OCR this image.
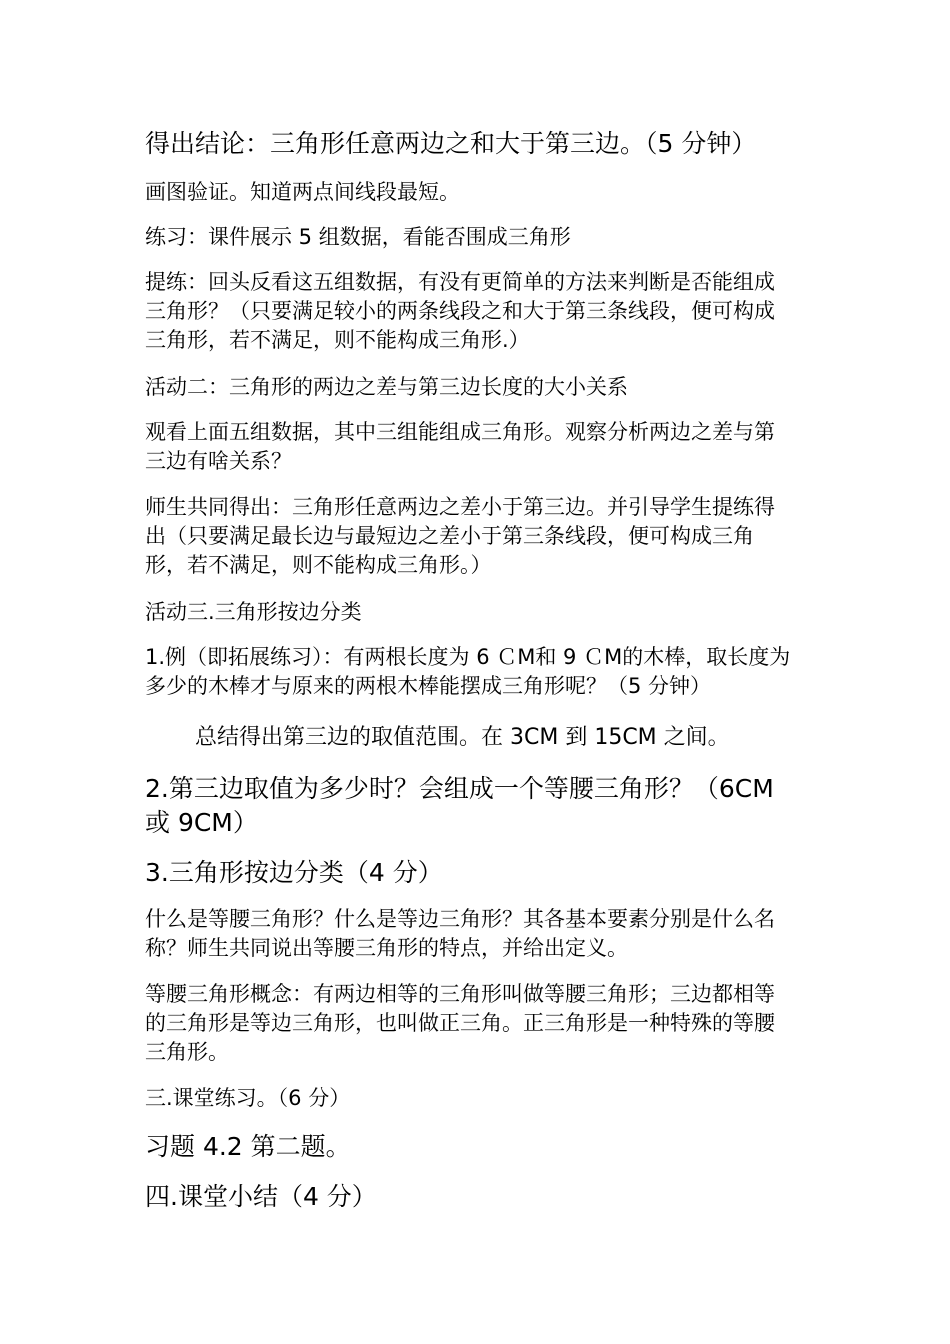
得出结论：三角形任意两边之和大于第三边。（5 分钟）

画图验证。知道两点间线段最短。

练习：课件展示 5 组数据，看能否围成三角形

提练：回头反看这五组数据，有没有更简单的方法来判断是否能组成三角形？（只要满足较小的两条线段之和大于第三条线段，便可构成三角形，若不满足，则不能构成三角形.）

活动二：三角形的两边之差与第三边长度的大小关系

观看上面五组数据，其中三组能组成三角形。观察分析两边之差与第三边有啥关系？

师生共同得出：三角形任意两边之差小于第三边。并引导学生提练得出（只要满足最长边与最短边之差小于第三条线段，便可构成三角形，若不满足，则不能构成三角形。）

活动三.三角形按边分类

1.例（即拓展练习）：有两根长度为 6 ＣM和 9 ＣM的木棒，取长度为多少的木棒才与原来的两根木棒能摆成三角形呢？（5 分钟）

总结得出第三边的取值范围。在 3CM 到 15CM 之间。

2.第三边取值为多少时？会组成一个等腰三角形？（6CM 或 9CM）

3.三角形按边分类（4 分）

什么是等腰三角形？什么是等边三角形？其各基本要素分别是什么名称？师生共同说出等腰三角形的特点，并给出定义。

等腰三角形概念：有两边相等的三角形叫做等腰三角形；三边都相等的三角形是等边三角形，也叫做正三角。正三角形是一种特殊的等腰三角形。

三.课堂练习。（6 分）

习题 4.2 第二题。

四.课堂小结（4 分）
